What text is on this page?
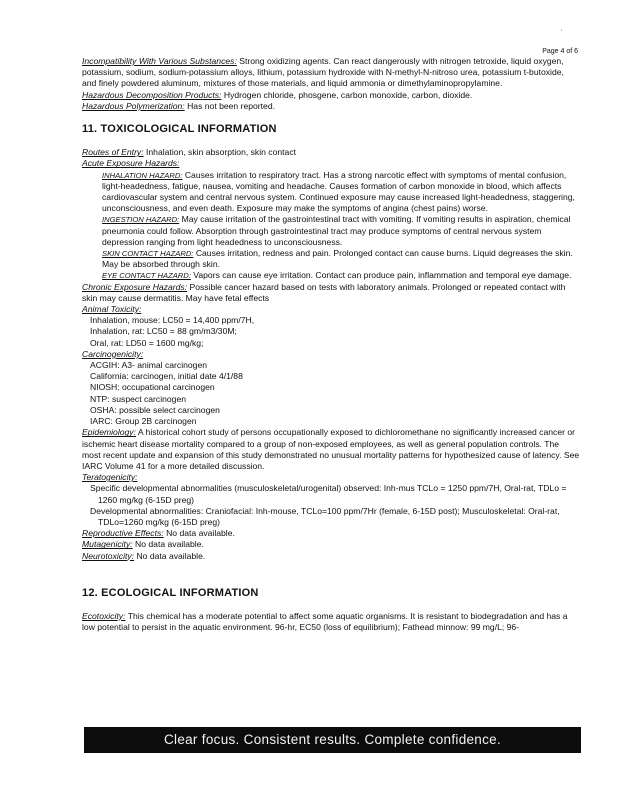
'
Page 4 of 6

Incompatibility With Various Substances: Strong oxidizing agents. Can react dangerously with nitrogen tetroxide, liquid oxygen, potassium, sodium, sodium-potassium alloys, lithium, potassium hydroxide with N-methyl-N-nitroso urea, potassium t-butoxide, and finely powdered aluminum, mixtures of those materials, and liquid ammonia or dimethylaminopropylamine.

Hazardous Decomposition Products: Hydrogen chloride, phosgene, carbon monoxide, carbon, dioxide.

Hazardous Polymerization: Has not been reported.

11. TOXICOLOGICAL INFORMATION

Routes of Entry: Inhalation, skin absorption, skin contact

Acute Exposure Hazards:

INHALATION HAZARD: Causes irritation to respiratory tract. Has a strong narcotic effect with symptoms of mental confusion, light-headedness, fatigue, nausea, vomiting and headache. Causes formation of carbon monoxide in blood, which affects cardiovascular system and central nervous system. Continued exposure may cause increased light-headedness, staggering, unconsciousness, and even death. Exposure may make the symptoms of angina (chest pains) worse.

INGESTION HAZARD: May cause irritation of the gastrointestinal tract with vomiting. If vomiting results in aspiration, chemical pneumonia could follow. Absorption through gastrointestinal tract may produce symptoms of central nervous system depression ranging from light headedness to unconsciousness.

SKIN CONTACT HAZARD: Causes irritation, redness and pain. Prolonged contact can cause burns. Liquid degreases the skin. May be absorbed through skin.

EYE CONTACT HAZARD: Vapors can cause eye irritation. Contact can produce pain, inflammation and temporal eye damage.

Chronic Exposure Hazards: Possible cancer hazard based on tests with laboratory animals. Prolonged or repeated contact with skin may cause dermatitis. May have fetal effects

Animal Toxicity:

Inhalation, mouse: LC50 = 14,400 ppm/7H,

Inhalation, rat: LC50 = 88 gm/m3/30M;

Oral, rat: LD50 = 1600 mg/kg;

Carcinogenicity:

ACGIH: A3- animal carcinogen

California: carcinogen, initial date 4/1/88

NIOSH: occupational carcinogen

NTP: suspect carcinogen

OSHA: possible select carcinogen

IARC: Group 2B carcinogen

Epidemiology: A historical cohort study of persons occupationally exposed to dichloromethane no significantly increased cancer or ischemic heart disease mortality compared to a group of non-exposed employees, as well as general population controls. The most recent update and expansion of this study demonstrated no unusual mortality patterns for hypothesized cause of latency. See IARC Volume 41 for a more detailed discussion.

Teratogenicity:

Specific developmental abnormalities (musculoskeletal/urogenital) observed: Inh-mus TCLo = 1250 ppm/7H, Oral-rat, TDLo = 1260 mg/kg (6-15D preg)

Developmental abnormalities: Craniofacial: Inh-mouse, TCLo=100 ppm/7Hr (female, 6-15D post); Musculoskeletal: Oral-rat, TDLo=1260 mg/kg (6-15D preg)

Reproductive Effects: No data available.

Mutagenicity: No data available.

Neurotoxicity: No data available.

12. ECOLOGICAL INFORMATION

Ecotoxicity: This chemical has a moderate potential to affect some aquatic organisms. It is resistant to biodegradation and has a low potential to persist in the aquatic environment. 96-hr, EC50 (loss of equilibrium); Fathead minnow: 99 mg/L; 96-

Clear focus. Consistent results. Complete confidence.
